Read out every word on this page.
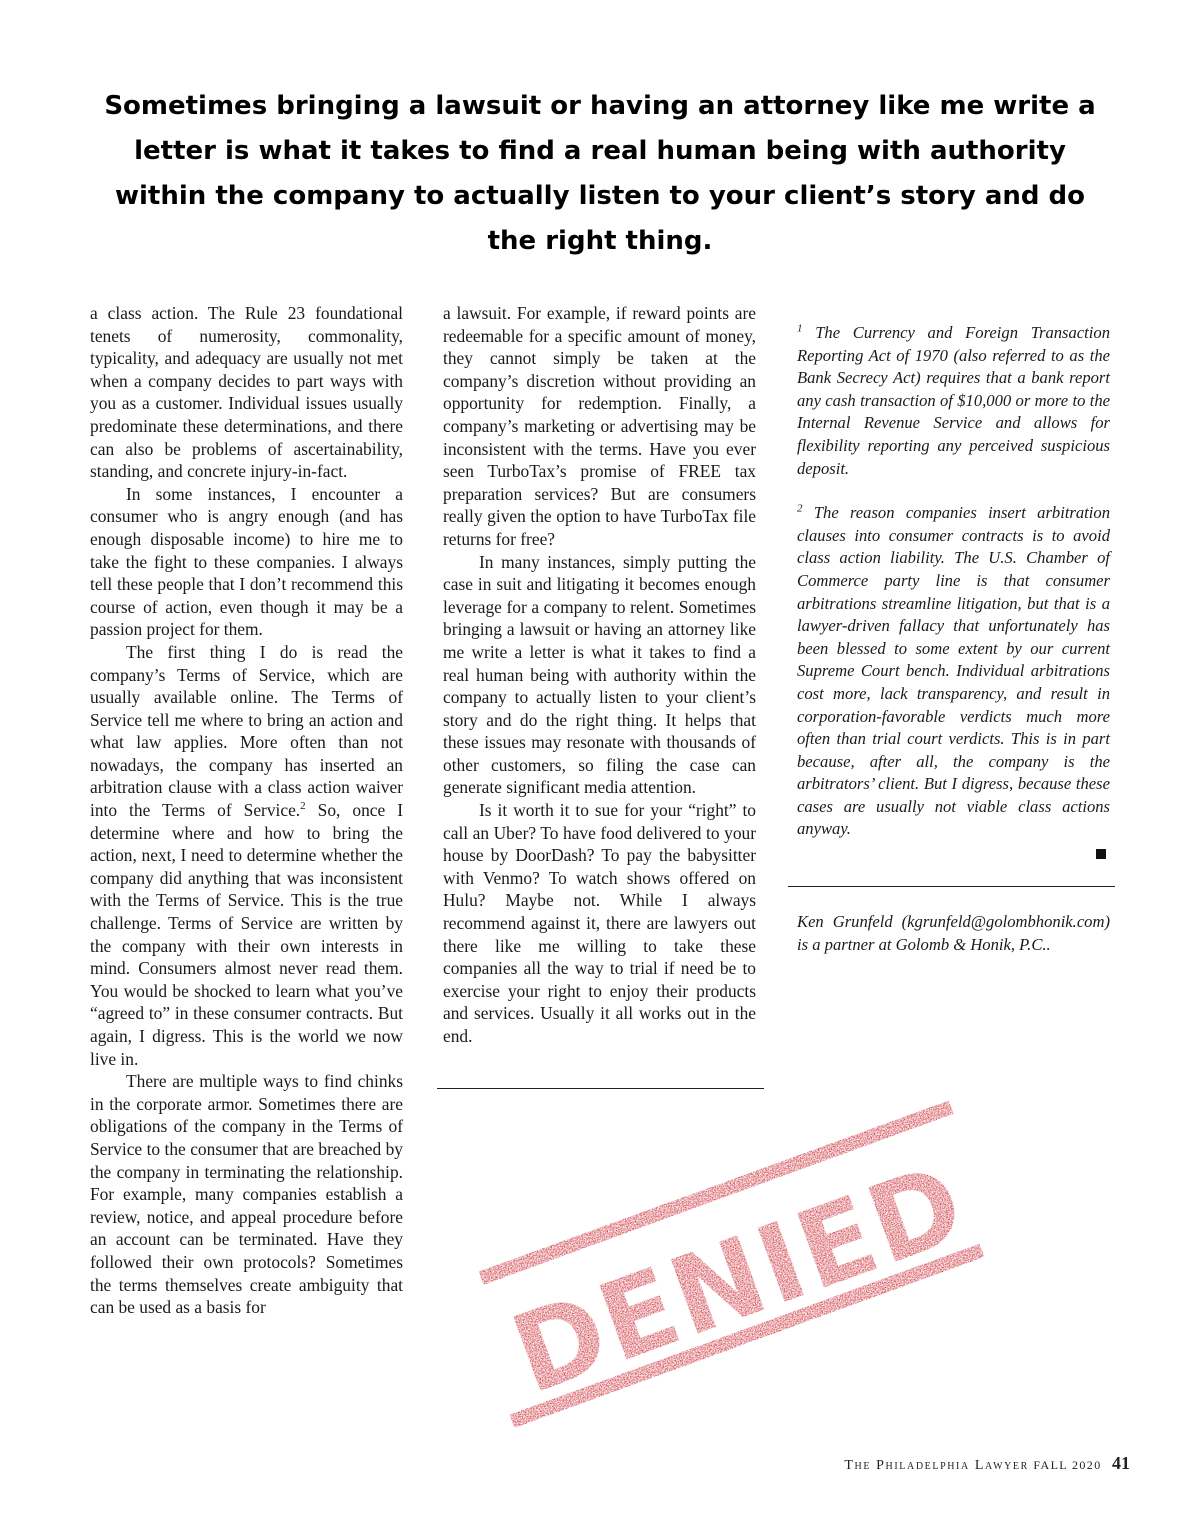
Sometimes bringing a lawsuit or having an attorney like me write a letter is what it takes to find a real human being with authority within the company to actually listen to your client’s story and do the right thing.

a class action. The Rule 23 foundational tenets of numerosity, commonality, typicality, and adequacy are usually not met when a company decides to part ways with you as a customer. Individual issues usually predominate these determinations, and there can also be problems of ascertainability, standing, and concrete injury-in-fact.

In some instances, I encounter a consumer who is angry enough (and has enough disposable income) to hire me to take the fight to these companies. I always tell these people that I don’t recommend this course of action, even though it may be a passion project for them.

The first thing I do is read the company’s Terms of Service, which are usually available online. The Terms of Service tell me where to bring an action and what law applies. More often than not nowadays, the company has inserted an arbitration clause with a class action waiver into the Terms of Service.$^2$ So, once I determine where and how to bring the action, next, I need to determine whether the company did anything that was inconsistent with the Terms of Service. This is the true challenge. Terms of Service are written by the company with their own interests in mind. Consumers almost never read them. You would be shocked to learn what you’ve “agreed to” in these consumer contracts. But again, I digress. This is the world we now live in.

There are multiple ways to find chinks in the corporate armor. Sometimes there are obligations of the company in the Terms of Service to the consumer that are breached by the company in terminating the relationship. For example, many companies establish a review, notice, and appeal procedure before an account can be terminated. Have they followed their own protocols? Sometimes the terms themselves create ambiguity that can be used as a basis for

a lawsuit. For example, if reward points are redeemable for a specific amount of money, they cannot simply be taken at the company’s discretion without providing an opportunity for redemption. Finally, a company’s marketing or advertising may be inconsistent with the terms. Have you ever seen TurboTax’s promise of FREE tax preparation services? But are consumers really given the option to have TurboTax file returns for free?

In many instances, simply putting the case in suit and litigating it becomes enough leverage for a company to relent. Sometimes bringing a lawsuit or having an attorney like me write a letter is what it takes to find a real human being with authority within the company to actually listen to your client’s story and do the right thing. It helps that these issues may resonate with thousands of other customers, so filing the case can generate significant media attention.

Is it worth it to sue for your “right” to call an Uber? To have food delivered to your house by DoorDash? To pay the babysitter with Venmo? To watch shows offered on Hulu? Maybe not. While I always recommend against it, there are lawyers out there like me willing to take these companies all the way to trial if need be to exercise your right to enjoy their products and services. Usually it all works out in the end.

$^1$ The Currency and Foreign Transaction Reporting Act of 1970 (also referred to as the Bank Secrecy Act) requires that a bank report any cash transaction of $10,000 or more to the Internal Revenue Service and allows for flexibility reporting any perceived suspicious deposit.

$^2$ The reason companies insert arbitration clauses into consumer contracts is to avoid class action liability. The U.S. Chamber of Commerce party line is that consumer arbitrations streamline litigation, but that is a lawyer-driven fallacy that unfortunately has been blessed to some extent by our current Supreme Court bench. Individual arbitrations cost more, lack transparency, and result in corporation-favorable verdicts much more often than trial court verdicts. This is in part because, after all, the company is the arbitrators’ client. But I digress, because these cases are usually not viable class actions anyway.

Ken Grunfeld (kgrunfeld@golombhonik.com) is a partner at Golomb & Honik, P.C..
DENIED
The Philadelphia Lawyer FALL 2020 41
